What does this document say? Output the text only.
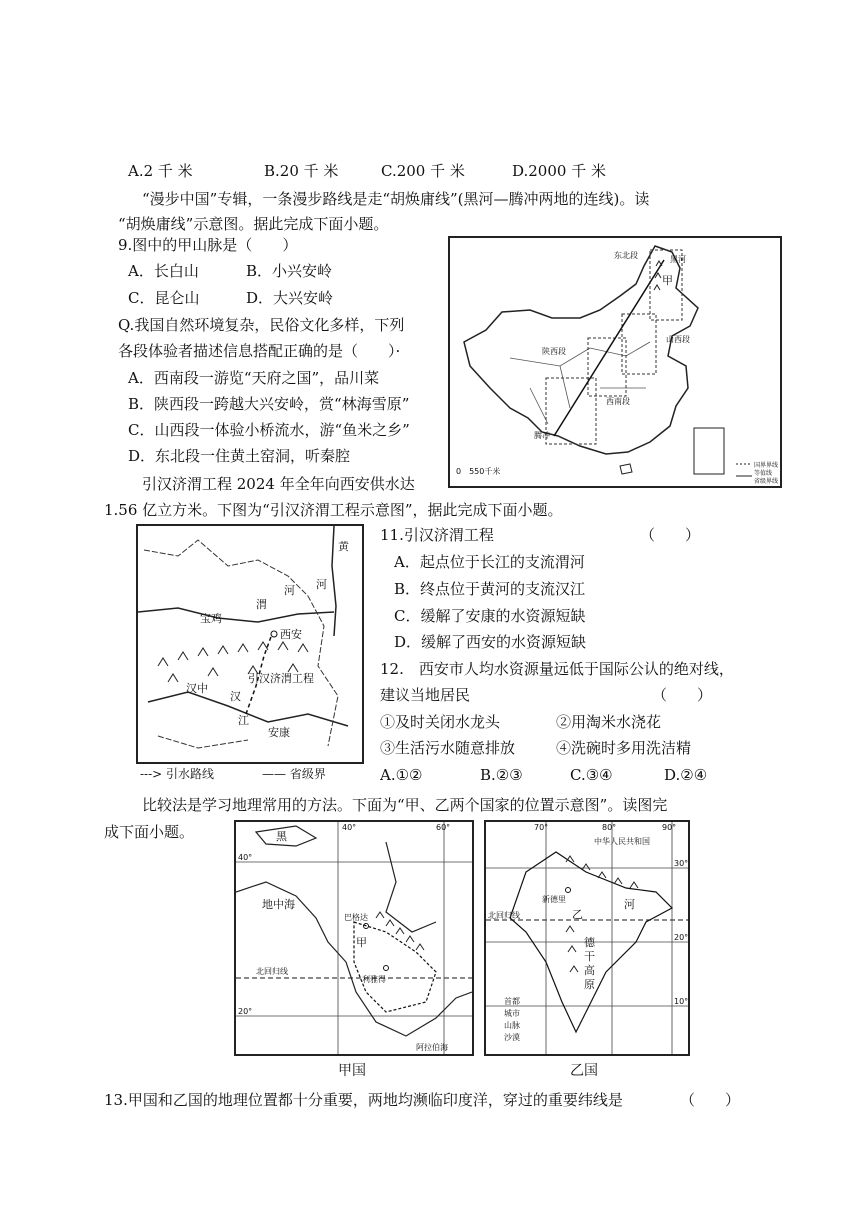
A.2 千 米	B.20 千 米	C.200 千 米	D.2000 千 米
“漫步中国”专辑，一条漫步路线是走“胡焕庸线”(黑河—腾冲两地的连线)。读
“胡焕庸线”示意图。据此完成下面小题。
9.图中的甲山脉是（　　）
A．长白山	B．小兴安岭
C．昆仑山	D．大兴安岭
Q.我国自然环境复杂，民俗文化多样，下列
各段体验者描述信息搭配正确的是（　　）·
A．西南段一游览“天府之国”，品川菜
B．陕西段一跨越大兴安岭，赏“林海雪原”
C．山西段一体验小桥流水，游“鱼米之乡”
D．东北段一住黄土窑洞，听秦腔
东北段	黑河
甲
山西段
陕西段
西南段
腾冲
0　550千米
国界界线
等值线
省级界线
引汉济渭工程 2024 年全年向西安供水达
1.56 亿立方米。下图为“引汉济渭工程示意图”，据此完成下面小题。
黄
河
宝鸡
渭
河
西安
汉中
汉
江
引汉济渭工程
安康
---> 引水路线	—— 省级界
11.引汉济渭工程	（　　）
A．起点位于长江的支流渭河
B．终点位于黄河的支流汉江
C．缓解了安康的水资源短缺
D．缓解了西安的水资源短缺
12.　西安市人均水资源量远低于国际公认的绝对线，
建议当地居民	（　　）
①及时关闭水龙头	②用淘米水浇花
③生活污水随意排放	④洗碗时多用洗洁精
A.①②	B.②③	C.③④	D.②④
比较法是学习地理常用的方法。下面为“甲、乙两个国家的位置示意图”。读图完
成下面小题。	40°	60°
40°
20°
黑
地中海
巴格达
甲
利雅得
北回归线
阿拉伯海
70°	80°	90°
中华人民共和国
30°
20°
10°
新德里
乙
河
北回归线
德
干
高
原
首都
城市
山脉
沙漠
甲国	乙国
13.甲国和乙国的地理位置都十分重要，两地均濒临印度洋，穿过的重要纬线是	（　　）
